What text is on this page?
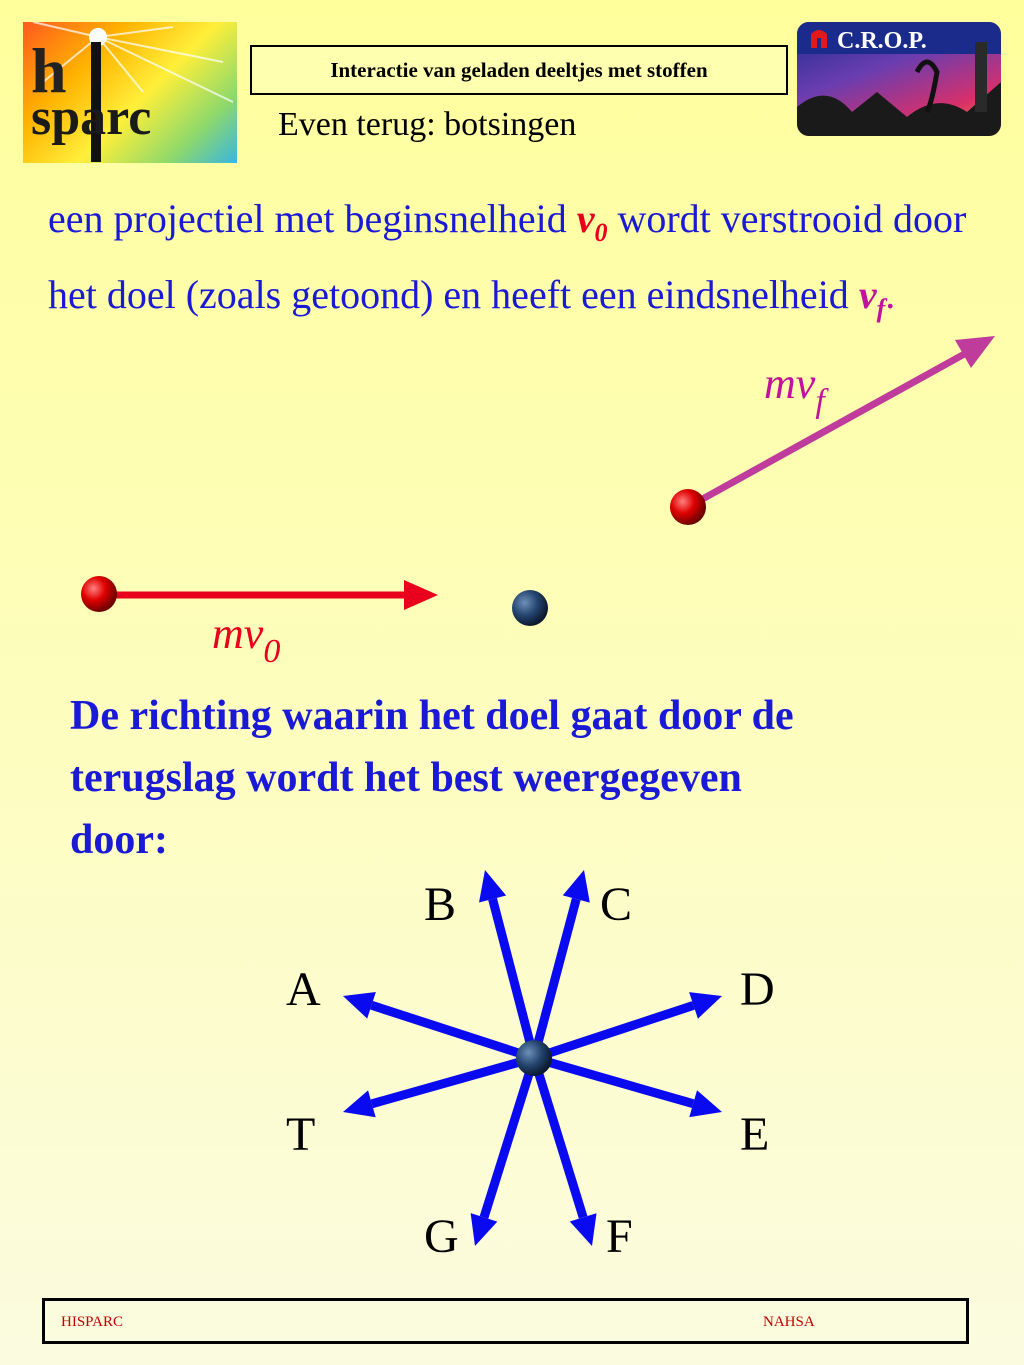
h
sparc
C.R.O.P.
Interactie van geladen deeltjes met stoffen
Even terug: botsingen
een projectiel met beginsnelheid $v_0$ wordt verstrooid door het doel (zoals getoond) en heeft een eindsnelheid $v_f$.
$mv_0$
$mv_f$
B	C
A	D
T	E
G	F
De richting waarin het doel gaat door de terugslag wordt het best weergegeven door:
HISPARC	NAHSA
